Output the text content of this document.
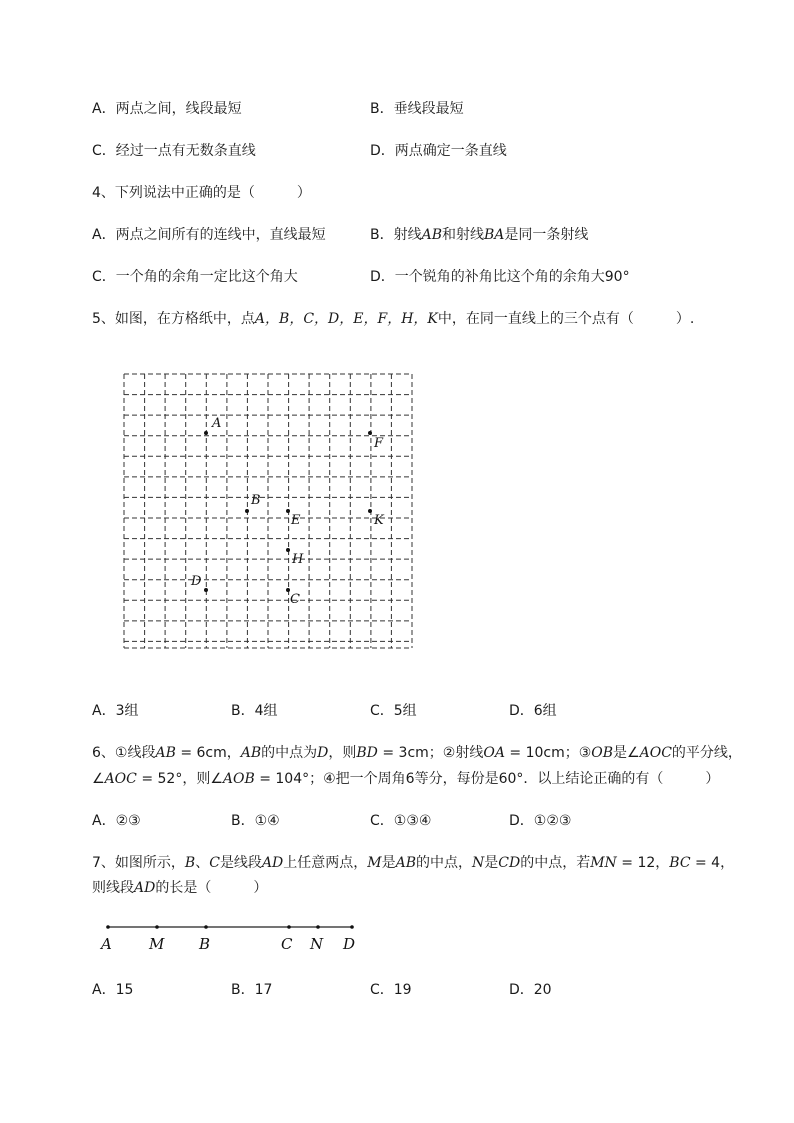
A．两点之间，线段最短	B．垂线段最短
C．经过一点有无数条直线	D．两点确定一条直线
4、下列说法中正确的是（　　　）
A．两点之间所有的连线中，直线最短	B．射线AB和射线BA是同一条射线
C．一个角的余角一定比这个角大	D．一个锐角的补角比这个角的余角大90°
5、如图，在方格纸中，点A，B，C，D，E，F，H，K中，在同一直线上的三个点有（　　　）.
A
F
B
E	K
H
D
C
A．3组	B．4组	C．5组	D．6组
6、①线段AB = 6cm，AB的中点为D，则BD = 3cm；②射线OA = 10cm；③OB是∠AOC的平分线，
∠AOC = 52°，则∠AOB = 104°；④把一个周角6等分，每份是60°．以上结论正确的有（　　　）
A．②③	B．①④	C．①③④	D．①②③
7、如图所示，B、C是线段AD上任意两点，M是AB的中点，N是CD的中点，若MN = 12，BC = 4，
则线段AD的长是（　　　）
A M B	C N D
A．15	B．17	C．19	D．20
